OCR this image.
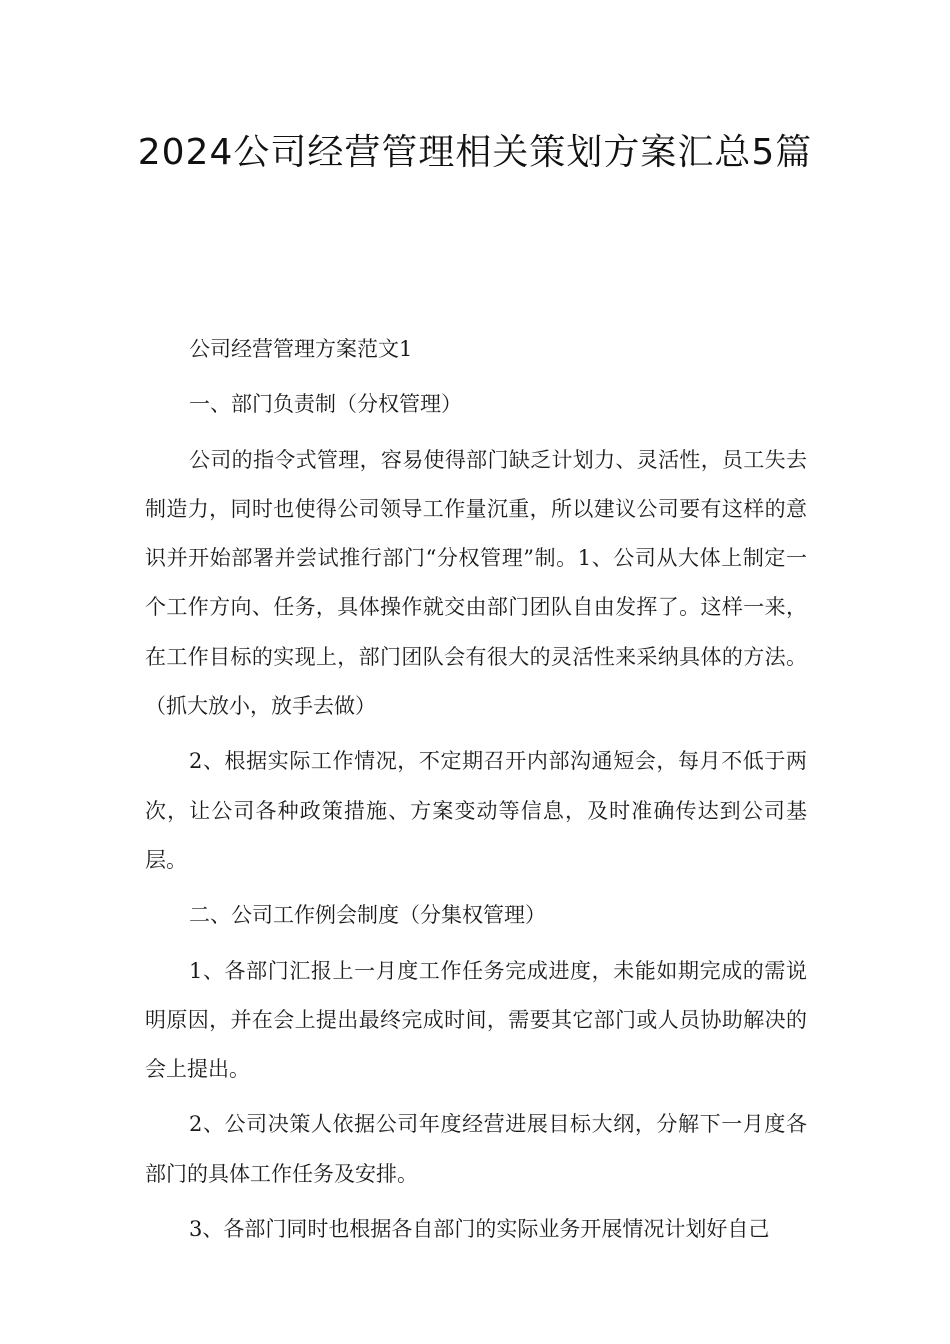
2024公司经营管理相关策划方案汇总5篇

公司经营管理方案范文1

一、部门负责制（分权管理）

公司的指令式管理，容易使得部门缺乏计划力、灵活性，员工失去制造力，同时也使得公司领导工作量沉重，所以建议公司要有这样的意识并开始部署并尝试推行部门“分权管理”制。1、公司从大体上制定一个工作方向、任务，具体操作就交由部门团队自由发挥了。这样一来，在工作目标的实现上，部门团队会有很大的灵活性来采纳具体的方法。（抓大放小，放手去做）

2、根据实际工作情况，不定期召开内部沟通短会，每月不低于两次，让公司各种政策措施、方案变动等信息，及时准确传达到公司基层。

二、公司工作例会制度（分集权管理）

1、各部门汇报上一月度工作任务完成进度，未能如期完成的需说明原因，并在会上提出最终完成时间，需要其它部门或人员协助解决的会上提出。

2、公司决策人依据公司年度经营进展目标大纲，分解下一月度各部门的具体工作任务及安排。

3、各部门同时也根据各自部门的实际业务开展情况计划好自己
